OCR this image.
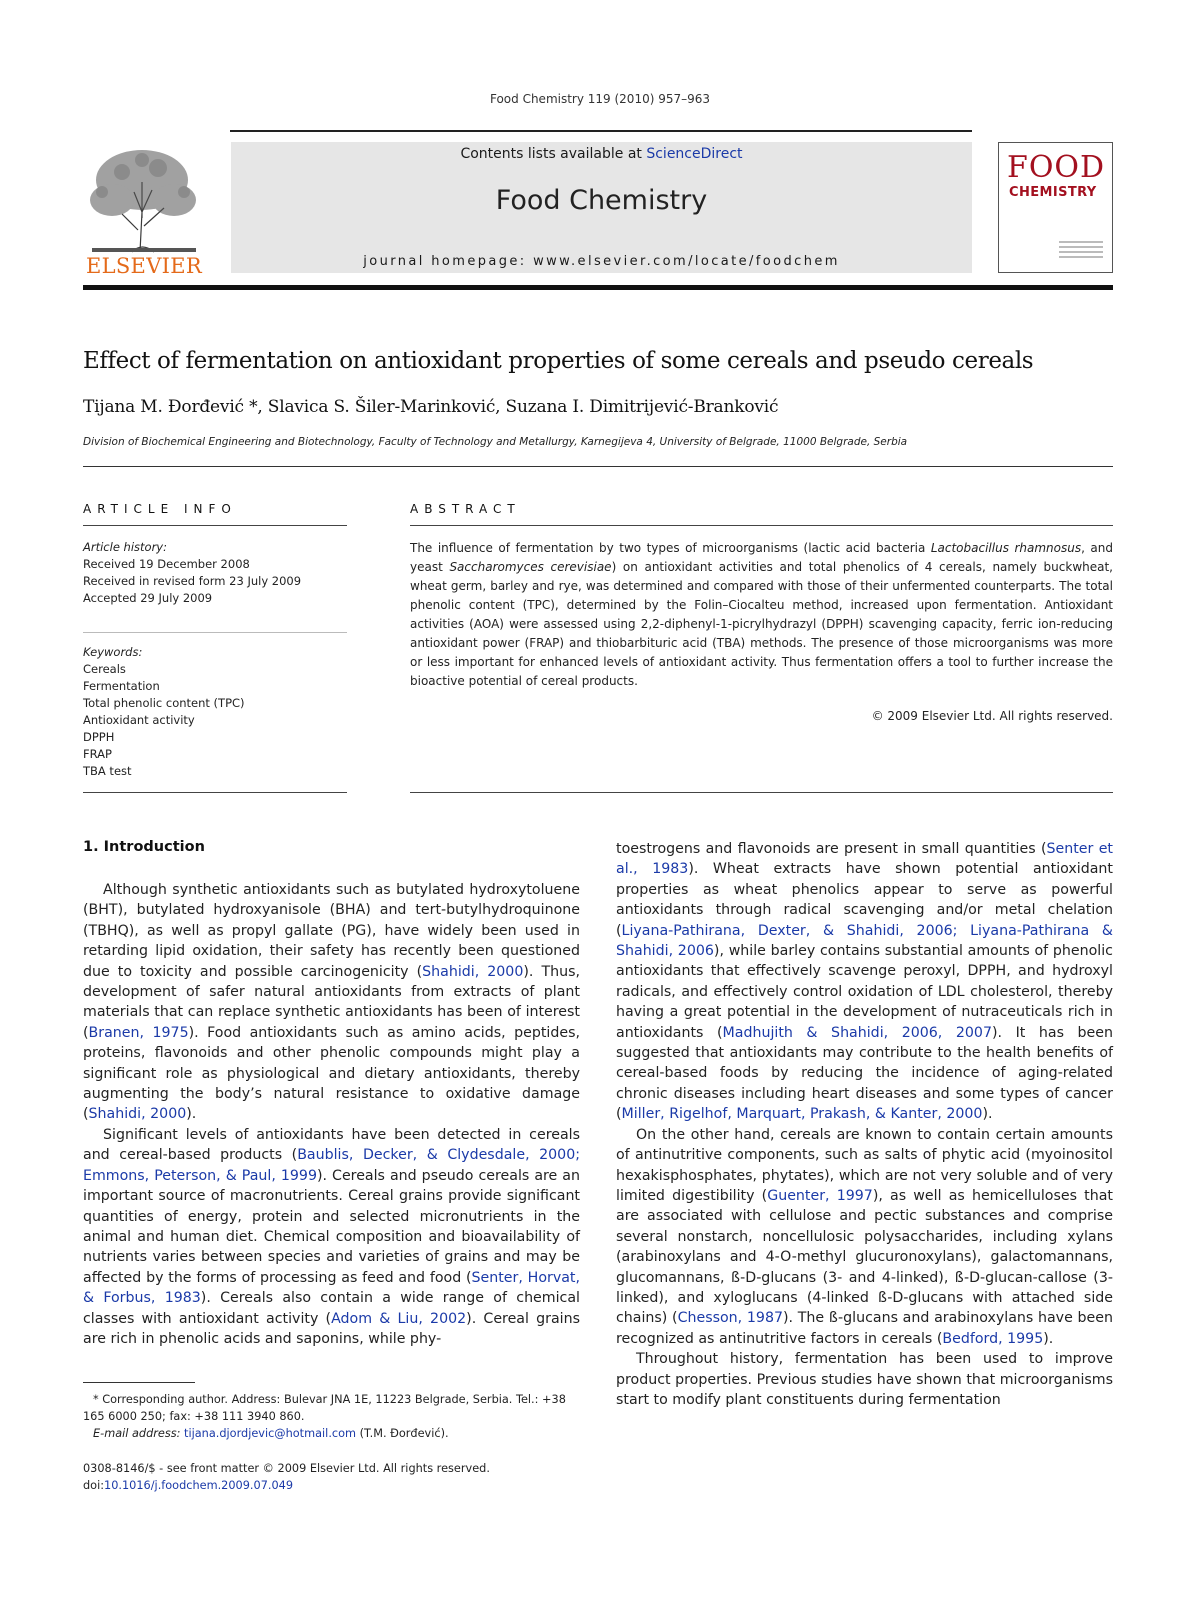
Food Chemistry 119 (2010) 957–963
ELSEVIER
Contents lists available at ScienceDirect
Food Chemistry
journal homepage: www.elsevier.com/locate/foodchem
FOOD
CHEMISTRY
Effect of fermentation on antioxidant properties of some cereals and pseudo cereals
Tijana M. Đorđević *, Slavica S. Šiler-Marinković, Suzana I. Dimitrijević-Branković
Division of Biochemical Engineering and Biotechnology, Faculty of Technology and Metallurgy, Karnegijeva 4, University of Belgrade, 11000 Belgrade, Serbia
ARTICLE INFO	ABSTRACT
Article history:
Received 19 December 2008
Received in revised form 23 July 2009
Accepted 29 July 2009
Keywords:
Cereals
Fermentation
Total phenolic content (TPC)
Antioxidant activity
DPPH
FRAP
TBA test
The influence of fermentation by two types of microorganisms (lactic acid bacteria Lactobacillus rhamnosus, and yeast Saccharomyces cerevisiae) on antioxidant activities and total phenolics of 4 cereals, namely buckwheat, wheat germ, barley and rye, was determined and compared with those of their unfermented counterparts. The total phenolic content (TPC), determined by the Folin–Ciocalteu method, increased upon fermentation. Antioxidant activities (AOA) were assessed using 2,2-diphenyl-1-picrylhydrazyl (DPPH) scavenging capacity, ferric ion-reducing antioxidant power (FRAP) and thiobarbituric acid (TBA) methods. The presence of those microorganisms was more or less important for enhanced levels of antioxidant activity. Thus fermentation offers a tool to further increase the bioactive potential of cereal products.
© 2009 Elsevier Ltd. All rights reserved.
1. Introduction

Although synthetic antioxidants such as butylated hydroxytoluene (BHT), butylated hydroxyanisole (BHA) and tert-butylhydroquinone (TBHQ), as well as propyl gallate (PG), have widely been used in retarding lipid oxidation, their safety has recently been questioned due to toxicity and possible carcinogenicity (Shahidi, 2000). Thus, development of safer natural antioxidants from extracts of plant materials that can replace synthetic antioxidants has been of interest (Branen, 1975). Food antioxidants such as amino acids, peptides, proteins, flavonoids and other phenolic compounds might play a significant role as physiological and dietary antioxidants, thereby augmenting the body’s natural resistance to oxidative damage (Shahidi, 2000).

Significant levels of antioxidants have been detected in cereals and cereal-based products (Baublis, Decker, & Clydesdale, 2000; Emmons, Peterson, & Paul, 1999). Cereals and pseudo cereals are an important source of macronutrients. Cereal grains provide significant quantities of energy, protein and selected micronutrients in the animal and human diet. Chemical composition and bioavailability of nutrients varies between species and varieties of grains and may be affected by the forms of processing as feed and food (Senter, Horvat, & Forbus, 1983). Cereals also contain a wide range of chemical classes with antioxidant activity (Adom & Liu, 2002). Cereal grains are rich in phenolic acids and saponins, while phy-

toestrogens and flavonoids are present in small quantities (Senter et al., 1983). Wheat extracts have shown potential antioxidant properties as wheat phenolics appear to serve as powerful antioxidants through radical scavenging and/or metal chelation (Liyana-Pathirana, Dexter, & Shahidi, 2006; Liyana-Pathirana & Shahidi, 2006), while barley contains substantial amounts of phenolic antioxidants that effectively scavenge peroxyl, DPPH, and hydroxyl radicals, and effectively control oxidation of LDL cholesterol, thereby having a great potential in the development of nutraceuticals rich in antioxidants (Madhujith & Shahidi, 2006, 2007). It has been suggested that antioxidants may contribute to the health benefits of cereal-based foods by reducing the incidence of aging-related chronic diseases including heart diseases and some types of cancer (Miller, Rigelhof, Marquart, Prakash, & Kanter, 2000).

On the other hand, cereals are known to contain certain amounts of antinutritive components, such as salts of phytic acid (myoinositol hexakisphosphates, phytates), which are not very soluble and of very limited digestibility (Guenter, 1997), as well as hemicelluloses that are associated with cellulose and pectic substances and comprise several nonstarch, noncellulosic polysaccharides, including xylans (arabinoxylans and 4-O-methyl glucuronoxylans), galactomannans, glucomannans, ß-D-glucans (3- and 4-linked), ß-D-glucan-callose (3-linked), and xyloglucans (4-linked ß-D-glucans with attached side chains) (Chesson, 1987). The ß-glucans and arabinoxylans have been recognized as antinutritive factors in cereals (Bedford, 1995).

Throughout history, fermentation has been used to improve product properties. Previous studies have shown that microorganisms start to modify plant constituents during fermentation

* Corresponding author. Address: Bulevar JNA 1E, 11223 Belgrade, Serbia. Tel.: +38 165 6000 250; fax: +38 111 3940 860.

E-mail address: tijana.djordjevic@hotmail.com (T.M. Đorđević).

0308-8146/$ - see front matter © 2009 Elsevier Ltd. All rights reserved.
doi:10.1016/j.foodchem.2009.07.049
